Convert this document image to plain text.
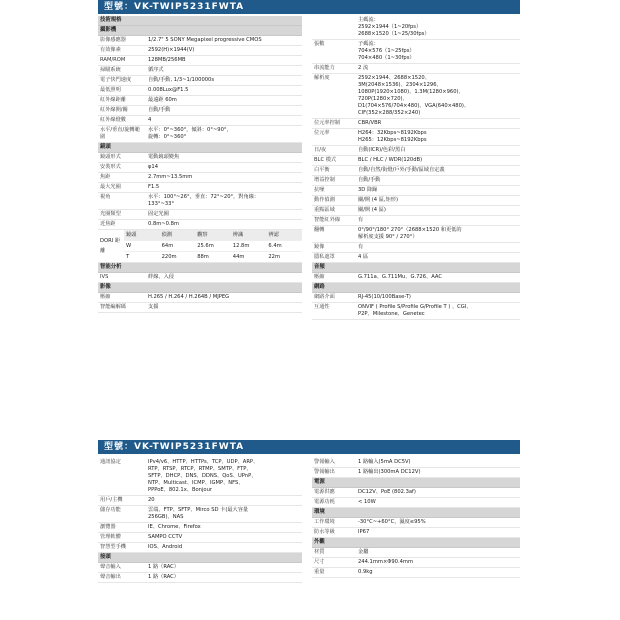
型號：VK-TWIP5231FWTA
技術規格
攝影機
影像感應器	1/2.7" 5 SONY Megapixel progressive CMOS
有效像素	2592(H)×1944(V)
RAM/ROM	128MB/256MB
掃瞄系統	循序式
電子快門速度	自動/手動, 1/3~1/100000s
最低照明	0.008Lux@F1.5
紅外線距離	最遠距 60m
紅外線開/關	自動/手動
紅外線燈數	4
水平/垂直/旋轉範圍
水平：0°~360°，傾斜：0°~90°，
旋轉：0°~360°
鏡頭
鏡頭形式	電動鏡頭變焦
安裝形式	φ14
焦距	2.7mm~13.5mm
最大光圈	F1.5
視角	水平：100°~26°，垂直：72°~20°，對角線：
133°~33°
光圈類型	固定光圈
近焦距	0.8m~0.8m
DORI 距離
鏡頭	偵測	觀察	辨識	辨認
W	64m	25.6m	12.8m	6.4m
T	220m	88m	44m	22m
智能分析
IVS	絆線、入侵
影像
壓縮	H.265 / H.264 / H.264B / MJPEG
智能編解碼	支援
主碼流：
2592×1944（1~20fps）
2688×1520（1~25/30fps）
張數	子碼流：
704×576（1~25fps）
704×480（1~30fps）
串流能力	2 流
解析度	2592×1944、2688×1520、
3M(2048×1536)、2304×1296、
1080P(1920×1080)、1.3M(1280×960)、
720P(1280×720)、
D1(704×576/704×480)、VGA(640×480)、
CIF(352×288/352×240)
位元率控制	CBR/VBR
位元率	H264：32Kbps~8192Kbps
H265：12Kbps~8192Kbps
日/夜	自動(ICR)/色彩/黑白
BLC 模式	BLC / HLC / WDR(120dB)
白平衡	自動/自然/街燈/戶外/手動/區域自定義
增益控制	自動/手動
抗噪	3D 降躁
動作偵測	關/開 (4 區,矩形)
重點區域	關/開 (4 區)
智能紅外線	有
翻轉	0°/90°/180° 270°（2688×1520 和更低的
解析度支援 90° / 270°）
鏡像	有
隱私遮罩	4 區
音頻
壓縮	G.711a、G.711Mu、G.726、AAC
網路
網路介面	RJ-45(10/100Base-T)
互通性	ONVIF ( Profile S/Profile G/Profile T ) 、CGI、
P2P、Milestone、Genetec
型號：VK-TWIP5231FWTA
通訊協定	IPv4/v6、HTTP、HTTPs、TCP、UDP、ARP、
RTP、RTSP、RTCP、RTMP、SMTP、FTP、
SFTP、DHCP、DNS、DDNS、QoS、UPnP、
NTP、Multicast、ICMP、IGMP、NFS、
PPPoE、802.1x、Bonjour
用戶/主機	20
儲存功能	雲端、FTP、SFTP、Mirco SD 卡(最大容量
256GB)、NAS
瀏覽器	IE、Chrome、Firefox
管理軟體	SAMPO CCTV
智慧型手機	IOS、Android
接頭
聲音輸入	1 路（RAC）
聲音輸出	1 路（RAC）
警報輸入	1 路輸入(5mA DC5V)
警報輸出	1 路輸出(300mA DC12V)
電源
電源供應	DC12V、PoE (802.3af)
電源功耗	< 10W
環境
工作環境	-30°C~+60°C，濕度≤95%
防水等級	IP67
外觀
材質	金屬
尺寸	244.1mm×Φ90.4mm
重量	0.9kg
